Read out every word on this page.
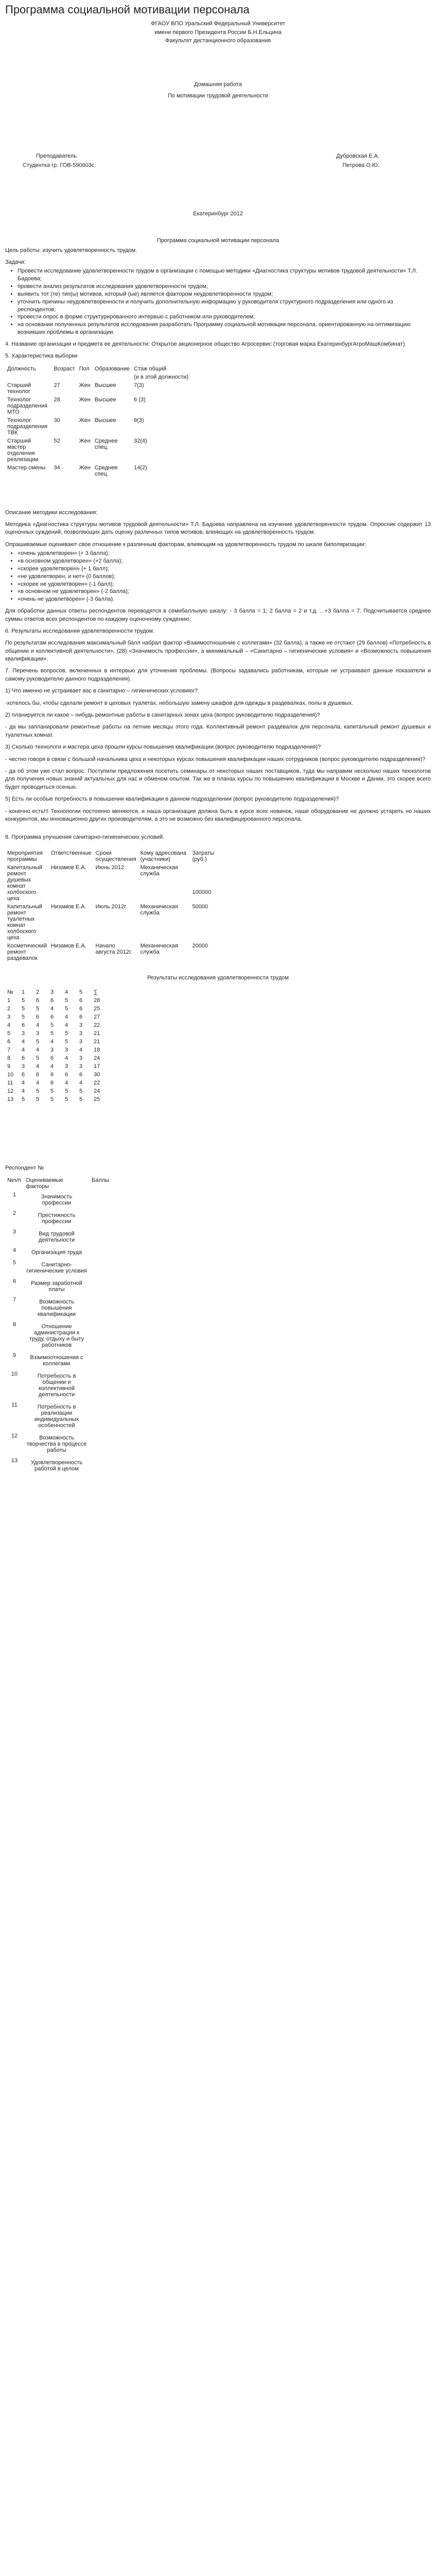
Программа социальной мотивации персонала
ФГАОУ ВПО Уральский Федеральный Университет
имени первого Президента России Б.Н.Ельцина
Факультет дистанционного образования
Домашняя работа
По мотивации трудовой деятельности
Преподаватель	Дубровская Е.А.
Студентка гр. ГОВ-590603с	Петрова О.Ю.
Екатеринбург 2012
Программа социальной мотивации персонала

Цель работы: изучить удовлетворенность трудом.

Задачи:

• Провести исследование удовлетворенности трудом в организации с помощью методики «Диагностика структуры мотивов трудовой деятельности» Т.Л. Бадоева;
• провести анализ результатов исследования удовлетворенности трудом;
• выявить тот (те) тип(ы) мотивов, который (ые) является фактором неудовлетворенности трудом;
• уточнить причины неудовлетворенности и получить дополнительную информацию у руководителя структурного подразделения или одного из респондентов;
• провести опрос в форме структурированного интервью с работником или руководителем;
• на основании полученных результатов исследования разработать Программу социальной мотивации персонала, ориентированную на оптимизацию возникших проблемы в организации.

4. Название организации и предмета ее деятельности: Открытое акционерное общество Агросервис (торговая марка ЕкатеринбургАгроМашКомбинат).

5. Характеристика выборки

Должность	Возраст	Пол	Образование	Стаж общий
				(и в этой должности)
Старший технолог	27	Жен	Высшее	7(3)
Технолог подразделения МТО	28	Жен	Высшее	6 (3)
Технолог подразделения ТВК	30	Жен	Высшее	8(3)
Старший мастер отделения реализации	52	Жен	Среднее спец.	32(4)
Мастер смены	34	Жен	Среднее спец.	14(2)

Описание методики исследования:

Методика «Диагностика структуры мотивов трудовой деятельности» Т.Л. Бадоева направлена на изучение удовлетворенности трудом. Опросник содержит 13 оценочных суждений, позволяющих дать оценку различных типов мотивов, влияющих на удовлетворенность трудом.

Опрашиваемые оценивают свое отношение к различным факторам, влияющим на удовлетворенность трудом по шкале биполяризации:

• «очень удовлетворен» (+ 3 балла);
• «в основном удовлетворен» (+2 балла);
• «скорее удовлетворен» (+ 1 балл);
• «не удовлетворен, и нет» (0 баллов);
• «скорее не удовлетворен» (-1 балл);
• «в основном не удовлетворен» (-2 балла);
• «очень не удовлетворен» (-3 балла).

Для обработки данных ответы респондентов переводятся в семибалльную шкалу: - 3 балла = 1; 2 балла = 2 и т.д. ...+3 балла = 7. Подсчитывается среднее суммы ответов всех респондентов по каждому оценочному суждению.

6. Результаты исследования удовлетворенности трудом.

По результатам исследования максимальный балл набрал фактор «Взаимоотношение с коллегами» (32 балла), а также не отстают (29 баллов) «Потребность в общении и коллективной деятельности», (28) «Значимость профессии», а минимальный – «Санитарно – гигиенические условия» и «Возможность повышения квалификации».

7. Перечень вопросов, включенных в интервью для уточнения проблемы. (Вопросы задавались работникам, которые не устраивают данные показатели и самому руководителю данного подразделения).

1) Что именно не устраивает вас в санитарно – гигиенических условиях?

-хотелось бы, чтобы сделали ремонт в цеховых туалетах, небольшую замену шкафов для одежды в раздевалках, полы в душевых.

2) планируется ли какое – нибудь ремонтные работы в санитарных зонах цеха (вопрос руководителю подразделения)?

- да мы запланировали ремонтные работы на летние месяцы этого года. Коллективный ремонт раздевалок для персонала, капитальный ремонт душевых и туалетных комнат.

3) Сколько технологи и мастера цеха прошли курсы повышения квалификации (вопрос руководителю подразделения)?

- честно говоря в связи с большой начальника цеха и некоторых курсах повышения квалификации наших сотрудников (вопрос руководителю подразделения)?

- да об этом уже стал вопрос. Поступили предложения посетить семинары от некоторых наших поставщиков, туда мы направим несколько наших технологов для получения новых знаний актуальных для нас и обменом опытом. Так же в планах курсы по повышению квалификации в Москве и Дании, это скорее всего будет проводиться осенью.

5) Есть ли особые потребность в повышении квалификации в данном подразделении (вопрос руководителю подразделения)?

- конечно есть!!! Технологии постоянно меняются, и наша организация должна быть в курсе всех новинок, наше оборудование не должно устареть но наших конкурентов, мы инновационно других производителям, а это не возможно без квалифицированного персонала.

8. Программа улучшения санитарно-гигиенических условий.

Мероприятия программы	Ответственные	Сроки осуществления	Кому адресована (участники)	Затраты (руб.)
Капитальный ремонт душевых комнат холбоского цеха	Низамов Е.А.	Июнь 2012	Механическая служба	100000
Капитальный ремонт туалетных комнат холбоского цеха	Низамов Е.А.	Июль 2012г.	Механическая служба	50000
Косметический ремонт раздевалок	Низамов Е.А.	Начало августа 2012г.	Механическая служба	20000
Результаты исследования удовлетворенности трудом
№	1	2	3	4	5	∑
1	5	6	6	5	6	28
2	5	5	4	5	6	25
3	5	6	6	4	6	27
4	6	4	5	4	3	22
5	3	3	5	5	3	21
6	4	5	4	5	3	21
7	4	4	3	3	4	18
8	6	5	6	4	3	24
9	3	4	4	3	3	17
10	6	6	6	6	6	30
11	4	4	6	4	4	22
12	4	5	5	5	5	24
13	5	5	5	5	5	25

Респондент №

№п/п	Оцениваемые факторы	Баллы
1	Значимость профессии	
2	Престижность профессии	
3	Вид трудовой деятельности	
4	Организация труда	
5	Санитарно-гигиенические условия	
6	Размер заработной платы	
7	Возможность повышения квалификации	
8	Отношение администрации к труду, отдыху и быту работников	
9	Взаимоотношения с коллегами	
10	Потребность в общении и коллективной деятельности	
11	Потребность в реализации индивидуальных особенностей	
12	Возможность творчества в процессе работы	
13	Удовлетворенность работой в целом	
